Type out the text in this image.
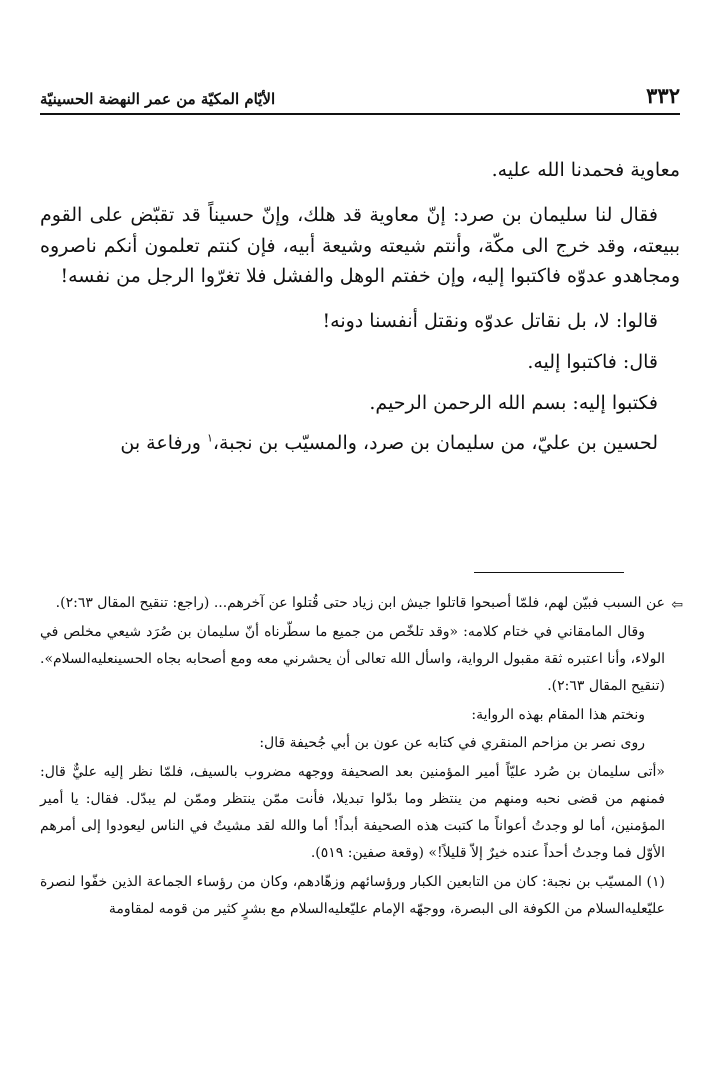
٣٣٢
الأيّام المكيّة من عمر النهضة الحسينيّة

معاوية فحمدنا الله عليه.

فقال لنا سليمان بن صرد: إنّ معاوية قد هلك، وإنّ حسيناً قد تقبّض على القوم ببيعته، وقد خرج الى مكّة، وأنتم شيعته وشيعة أبيه، فإن كنتم تعلمون أنكم ناصروه ومجاهدو عدوّه فاكتبوا إليه، وإن خفتم الوهل والفشل فلا تغرّوا الرجل من نفسه!

قالوا: لا، بل نقاتل عدوّه ونقتل أنفسنا دونه!

قال: فاكتبوا إليه.

فكتبوا إليه: بسم الله الرحمن الرحيم.

لحسين بن عليّ، من سليمان بن صرد، والمسيّب بن نجبة،$^١$ ورفاعة بن

⇦
عن السبب فبيّن لهم، فلمّا أصبحوا قاتلوا جيش ابن زياد حتى قُتلوا عن آخرهم... (راجع: تنقيح المقال ٢:٦٣).

وقال المامقاني في ختام كلامه: «وقد تلخّص من جميع ما سطّرناه أنّ سليمان بن صُرَد شيعي مخلص في الولاء، وأنا اعتبره ثقة مقبول الرواية، واسأل الله تعالى أن يحشرني معه ومع أصحابه بجاه الحسينعليه‌السلام». (تنقيح المقال ٢:٦٣).

ونختم هذا المقام بهذه الرواية:

روى نصر بن مزاحم المنقري في كتابه عن عون بن أبي جُحيفة قال:

«أتى سليمان بن صُرد عليّاً أمير المؤمنين بعد الصحيفة ووجهه مضروب بالسيف، فلمّا نظر إليه عليٌّ قال: فمنهم من قضى نحبه ومنهم من ينتظر وما بدّلوا تبديلا، فأنت ممّن ينتظر وممّن لم يبدّل. فقال: يا أمير المؤمنين، أما لو وجدتُ أعواناً ما كتبت هذه الصحيفة أبداً! أما والله لقد مشيتُ في الناس ليعودوا إلى أمرهم الأوّل فما وجدتُ أحداً عنده خيرٌ إلاّ قليلاً!» (وقعة صفين: ٥١٩).

(١) المسيّب بن نجبة: كان من التابعين الكبار ورؤسائهم وزهّادهم، وكان من رؤساء الجماعة الذين خفّوا لنصرة عليّعليه‌السلام من الكوفة الى البصرة، ووجهّه الإمام عليّعليه‌السلام مع بشرٍ كثير من قومه لمقاومة
